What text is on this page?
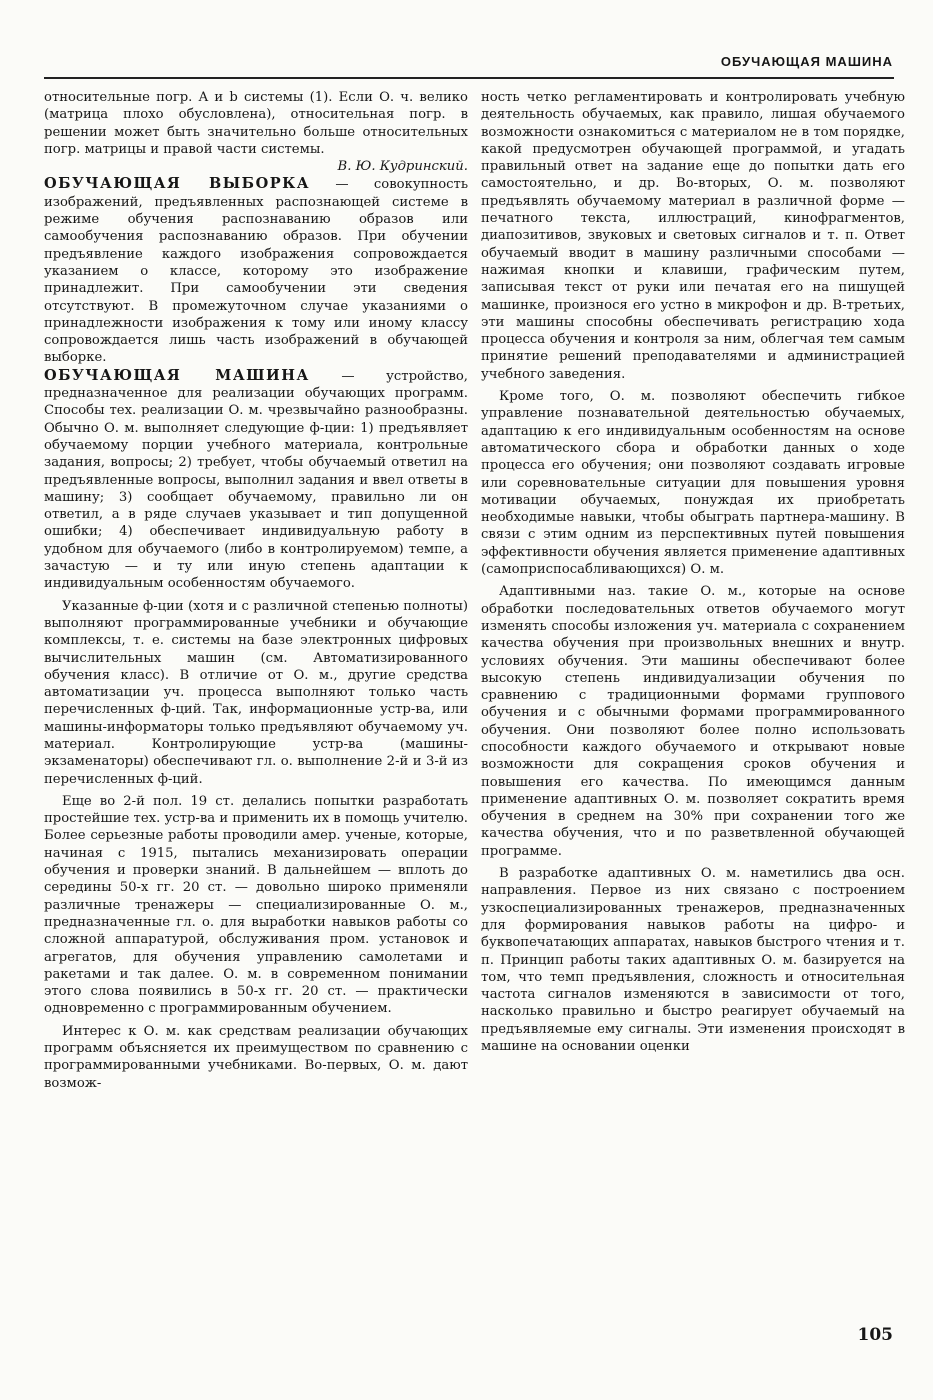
ОБУЧАЮЩАЯ МАШИНА

относительные погр. A и b системы (1). Если О. ч. велико (матрица плохо обусловлена), относительная погр. в решении может быть значительно больше относительных погр. матрицы и правой части системы.
В. Ю. Кудринский.

ОБУЧАЮЩАЯ ВЫБОРКА — совокупность изображений, предъявленных распознающей системе в режиме обучения распознаванию образов или самообучения распознаванию образов. При обучении предъявление каждого изображения сопровождается указанием о классе, которому это изображение принадлежит. При самообучении эти сведения отсутствуют. В промежуточном случае указаниями о принадлежности изображения к тому или иному классу сопровождается лишь часть изображений в обучающей выборке.

ОБУЧАЮЩАЯ МАШИНА — устройство, предназначенное для реализации обучающих программ. Способы тех. реализации О. м. чрезвычайно разнообразны. Обычно О. м. выполняет следующие ф-ции: 1) предъявляет обучаемому порции учебного материала, контрольные задания, вопросы; 2) требует, чтобы обучаемый ответил на предъявленные вопросы, выполнил задания и ввел ответы в машину; 3) сообщает обучаемому, правильно ли он ответил, а в ряде случаев указывает и тип допущенной ошибки; 4) обеспечивает индивидуальную работу в удобном для обучаемого (либо в контролируемом) темпе, а зачастую — и ту или иную степень адаптации к индивидуальным особенностям обучаемого.

Указанные ф-ции (хотя и с различной степенью полноты) выполняют программированные учебники и обучающие комплексы, т. е. системы на базе электронных цифровых вычислительных машин (см. Автоматизированного обучения класс). В отличие от О. м., другие средства автоматизации уч. процесса выполняют только часть перечисленных ф-ций. Так, информационные устр-ва, или машины-информаторы только предъявляют обучаемому уч. материал. Контролирующие устр-ва (машины-экзаменаторы) обеспечивают гл. о. выполнение 2-й и 3-й из перечисленных ф-ций.

Еще во 2-й пол. 19 ст. делались попытки разработать простейшие тех. устр-ва и применить их в помощь учителю. Более серьезные работы проводили амер. ученые, которые, начиная с 1915, пытались механизировать операции обучения и проверки знаний. В дальнейшем — вплоть до середины 50-х гг. 20 ст. — довольно широко применяли различные тренажеры — специализированные О. м., предназначенные гл. о. для выработки навыков работы со сложной аппаратурой, обслуживания пром. установок и агрегатов, для обучения управлению самолетами и ракетами и так далее. О. м. в современном понимании этого слова появились в 50-х гг. 20 ст. — практически одновременно с программированным обучением.

Интерес к О. м. как средствам реализации обучающих программ объясняется их преимуществом по сравнению с программированными учебниками. Во-первых, О. м. дают возмож-

ность четко регламентировать и контролировать учебную деятельность обучаемых, как правило, лишая обучаемого возможности ознакомиться с материалом не в том порядке, какой предусмотрен обучающей программой, и угадать правильный ответ на задание еще до попытки дать его самостоятельно, и др. Во-вторых, О. м. позволяют предъявлять обучаемому материал в различной форме — печатного текста, иллюстраций, кинофрагментов, диапозитивов, звуковых и световых сигналов и т. п. Ответ обучаемый вводит в машину различными способами — нажимая кнопки и клавиши, графическим путем, записывая текст от руки или печатая его на пишущей машинке, произнося его устно в микрофон и др. В-третьих, эти машины способны обеспечивать регистрацию хода процесса обучения и контроля за ним, облегчая тем самым принятие решений преподавателями и администрацией учебного заведения.

Кроме того, О. м. позволяют обеспечить гибкое управление познавательной деятельностью обучаемых, адаптацию к его индивидуальным особенностям на основе автоматического сбора и обработки данных о ходе процесса его обучения; они позволяют создавать игровые или соревновательные ситуации для повышения уровня мотивации обучаемых, понуждая их приобретать необходимые навыки, чтобы обыграть партнера-машину. В связи с этим одним из перспективных путей повышения эффективности обучения является применение адаптивных (самоприспосабливающихся) О. м.

Адаптивными наз. такие О. м., которые на основе обработки последовательных ответов обучаемого могут изменять способы изложения уч. материала с сохранением качества обучения при произвольных внешних и внутр. условиях обучения. Эти машины обеспечивают более высокую степень индивидуализации обучения по сравнению с традиционными формами группового обучения и с обычными формами программированного обучения. Они позволяют более полно использовать способности каждого обучаемого и открывают новые возможности для сокращения сроков обучения и повышения его качества. По имеющимся данным применение адаптивных О. м. позволяет сократить время обучения в среднем на 30% при сохранении того же качества обучения, что и по разветвленной обучающей программе.

В разработке адаптивных О. м. наметились два осн. направления. Первое из них связано с построением узкоспециализированных тренажеров, предназначенных для формирования навыков работы на цифро- и буквопечатающих аппаратах, навыков быстрого чтения и т. п. Принцип работы таких адаптивных О. м. базируется на том, что темп предъявления, сложность и относительная частота сигналов изменяются в зависимости от того, насколько правильно и быстро реагирует обучаемый на предъявляемые ему сигналы. Эти изменения происходят в машине на основании оценки

105
